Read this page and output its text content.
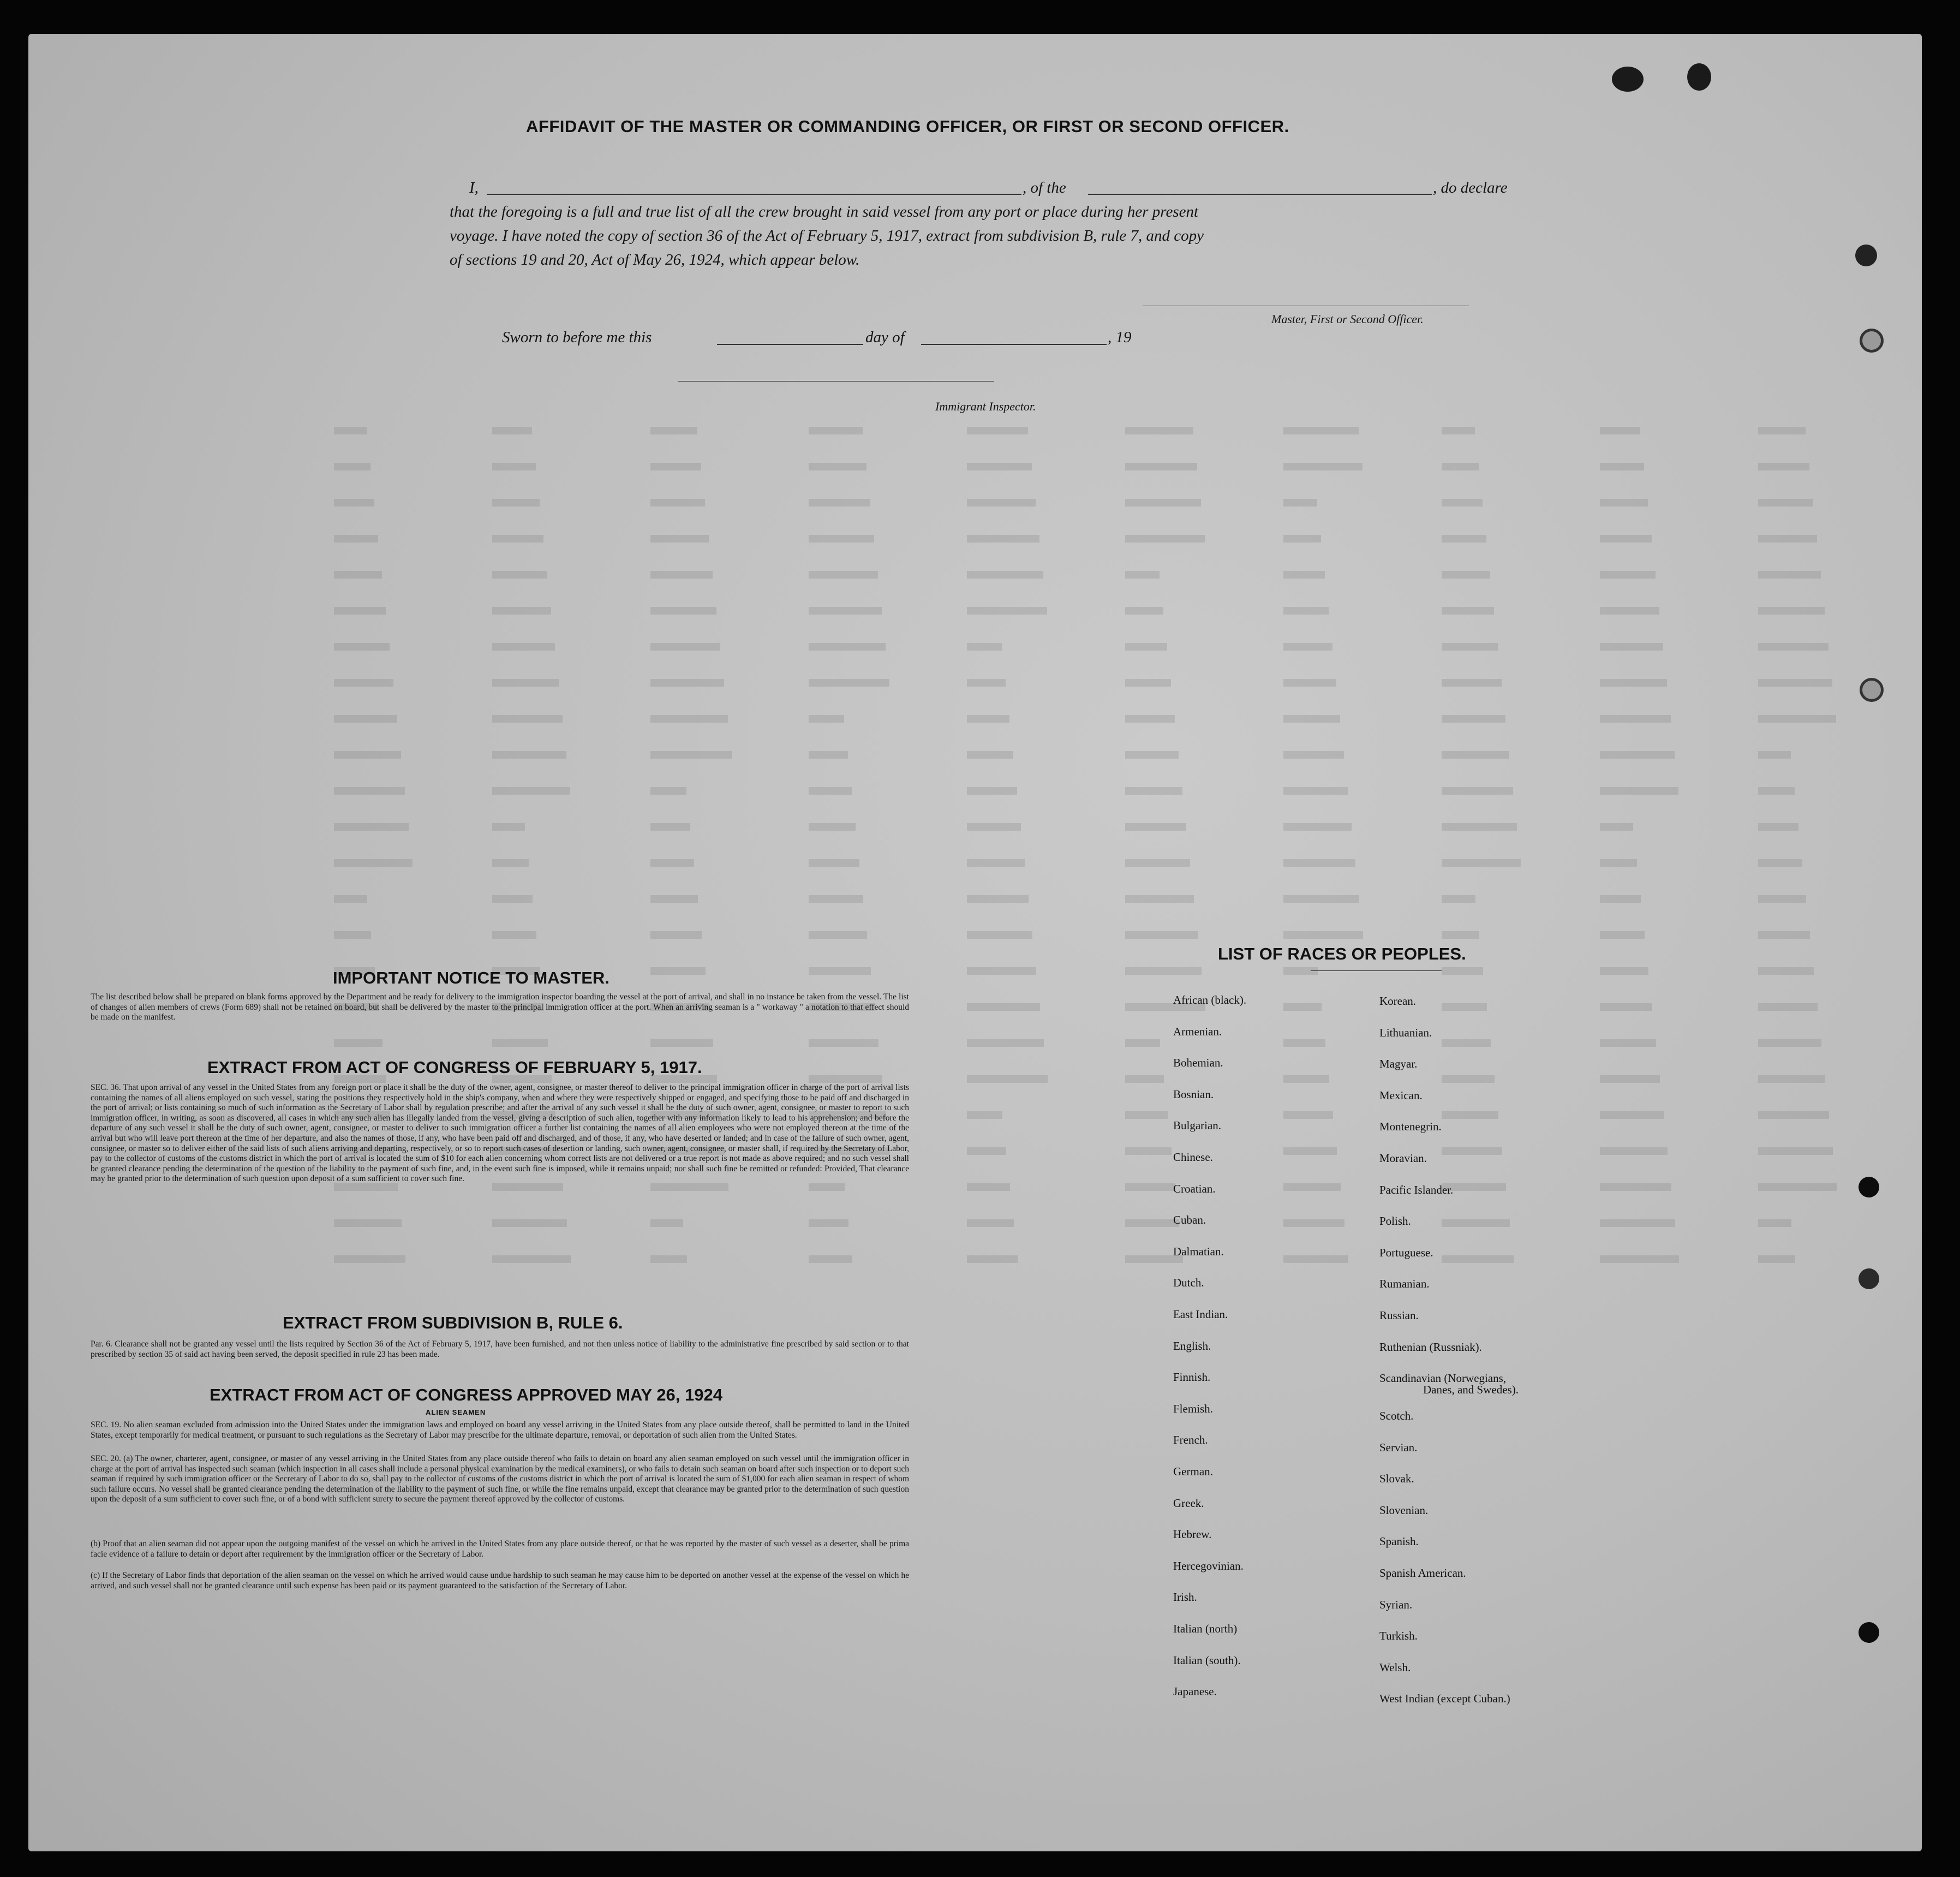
AFFIDAVIT OF THE MASTER OR COMMANDING OFFICER, OR FIRST OR SECOND OFFICER.
I,	, of the	, do declare
that the foregoing is a full and true list of all the crew brought in said vessel from any port or place during her present
voyage. I have noted the copy of section 36 of the Act of February 5, 1917, extract from subdivision B, rule 7, and copy
of sections 19 and 20, Act of May 26, 1924, which appear below.
Master, First or Second Officer.
Sworn to before me this	day of	, 19
Immigrant Inspector.
IMPORTANT NOTICE TO MASTER.
The list described below shall be prepared on blank forms approved by the Department and be ready for delivery to the immigration inspector boarding the vessel at the port of arrival, and shall in no instance be taken from the vessel. The list of changes of alien members of crews (Form 689) shall not be retained on board, but shall be delivered by the master to the principal immigration officer at the port. When an arriving seaman is a " workaway " a notation to that effect should be made on the manifest.
EXTRACT FROM ACT OF CONGRESS OF FEBRUARY 5, 1917.
SEC. 36. That upon arrival of any vessel in the United States from any foreign port or place it shall be the duty of the owner, agent, consignee, or master thereof to deliver to the principal immigration officer in charge of the port of arrival lists containing the names of all aliens employed on such vessel, stating the positions they respectively hold in the ship's company, when and where they were respectively shipped or engaged, and specifying those to be paid off and discharged in the port of arrival; or lists containing so much of such information as the Secretary of Labor shall by regulation prescribe; and after the arrival of any such vessel it shall be the duty of such owner, agent, consignee, or master to report to such immigration officer, in writing, as soon as discovered, all cases in which any such alien has illegally landed from the vessel, giving a description of such alien, together with any information likely to lead to his apprehension; and before the departure of any such vessel it shall be the duty of such owner, agent, consignee, or master to deliver to such immigration officer a further list containing the names of all alien employees who were not employed thereon at the time of the arrival but who will leave port thereon at the time of her departure, and also the names of those, if any, who have been paid off and discharged, and of those, if any, who have deserted or landed; and in case of the failure of such owner, agent, consignee, or master so to deliver either of the said lists of such aliens arriving and departing, respectively, or so to report such cases of desertion or landing, such owner, agent, consignee, or master shall, if required by the Secretary of Labor, pay to the collector of customs of the customs district in which the port of arrival is located the sum of $10 for each alien concerning whom correct lists are not delivered or a true report is not made as above required; and no such vessel shall be granted clearance pending the determination of the question of the liability to the payment of such fine, and, in the event such fine is imposed, while it remains unpaid; nor shall such fine be remitted or refunded: Provided, That clearance may be granted prior to the determination of such question upon deposit of a sum sufficient to cover such fine.
EXTRACT FROM SUBDIVISION B, RULE 6.
Par. 6. Clearance shall not be granted any vessel until the lists required by Section 36 of the Act of February 5, 1917, have been furnished, and not then unless notice of liability to the administrative fine prescribed by said section or to that prescribed by section 35 of said act having been served, the deposit specified in rule 23 has been made.
EXTRACT FROM ACT OF CONGRESS APPROVED MAY 26, 1924
ALIEN SEAMEN
SEC. 19. No alien seaman excluded from admission into the United States under the immigration laws and employed on board any vessel arriving in the United States from any place outside thereof, shall be permitted to land in the United States, except temporarily for medical treatment, or pursuant to such regulations as the Secretary of Labor may prescribe for the ultimate departure, removal, or deportation of such alien from the United States.
SEC. 20. (a) The owner, charterer, agent, consignee, or master of any vessel arriving in the United States from any place outside thereof who fails to detain on board any alien seaman employed on such vessel until the immigration officer in charge at the port of arrival has inspected such seaman (which inspection in all cases shall include a personal physical examination by the medical examiners), or who fails to detain such seaman on board after such inspection or to deport such seaman if required by such immigration officer or the Secretary of Labor to do so, shall pay to the collector of customs of the customs district in which the port of arrival is located the sum of $1,000 for each alien seaman in respect of whom such failure occurs. No vessel shall be granted clearance pending the determination of the liability to the payment of such fine, or while the fine remains unpaid, except that clearance may be granted prior to the determination of such question upon the deposit of a sum sufficient to cover such fine, or of a bond with sufficient surety to secure the payment thereof approved by the collector of customs.
(b) Proof that an alien seaman did not appear upon the outgoing manifest of the vessel on which he arrived in the United States from any place outside thereof, or that he was reported by the master of such vessel as a deserter, shall be prima facie evidence of a failure to detain or deport after requirement by the immigration officer or the Secretary of Labor.
(c) If the Secretary of Labor finds that deportation of the alien seaman on the vessel on which he arrived would cause undue hardship to such seaman he may cause him to be deported on another vessel at the expense of the vessel on which he arrived, and such vessel shall not be granted clearance until such expense has been paid or its payment guaranteed to the satisfaction of the Secretary of Labor.
LIST OF RACES OR PEOPLES.
African (black).
Armenian.
Bohemian.
Bosnian.
Bulgarian.
Chinese.
Croatian.
Cuban.
Dalmatian.
Dutch.
East Indian.
English.
Finnish.
Flemish.
French.
German.
Greek.
Hebrew.
Hercegovinian.
Irish.
Italian (north)
Italian (south).
Japanese.
Korean.
Lithuanian.
Magyar.
Mexican.
Montenegrin.
Moravian.
Pacific Islander.
Polish.
Portuguese.
Rumanian.
Russian.
Ruthenian (Russniak).
Scandinavian (Norwegians,
Danes, and Swedes).
Scotch.
Servian.
Slovak.
Slovenian.
Spanish.
Spanish American.
Syrian.
Turkish.
Welsh.
West Indian (except Cuban.)
